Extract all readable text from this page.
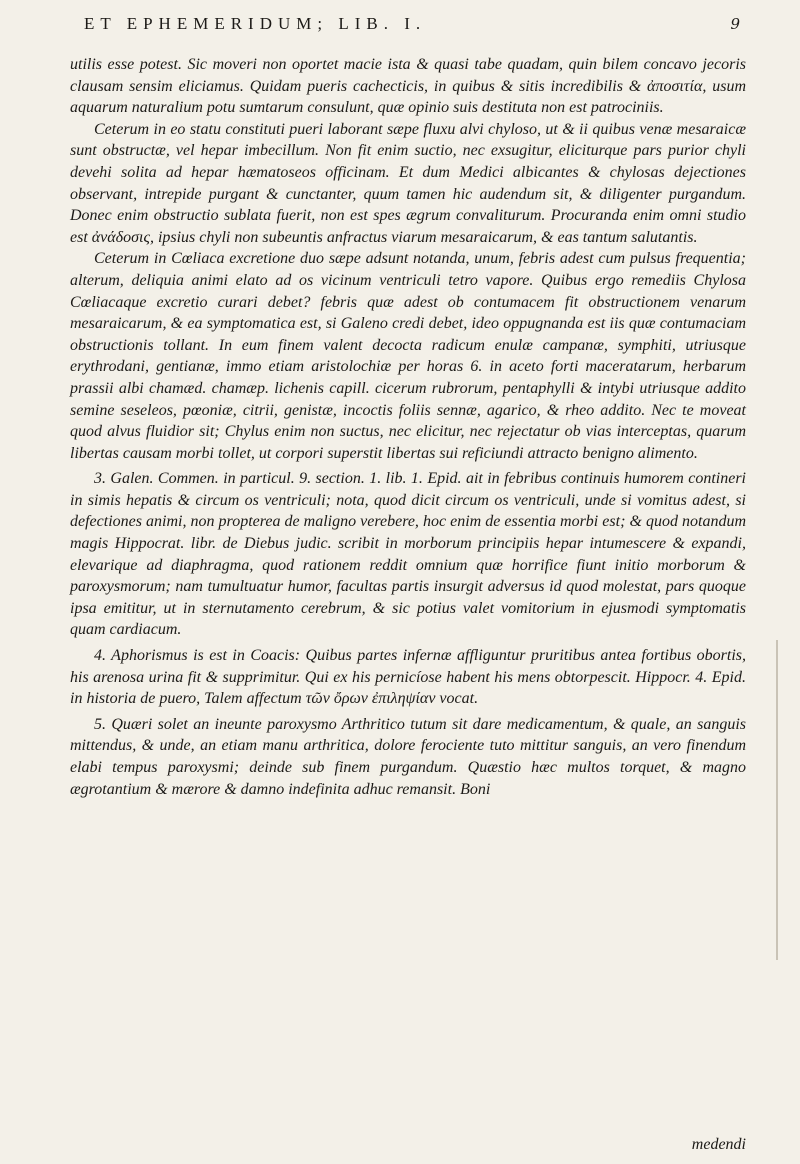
ET EPHEMERIDUM; LIB. I.	9

utilis esse potest. Sic moveri non oportet macie ista & quasi tabe quadam, quin bilem concavo jecoris clausam sensim eliciamus. Quidam pueris cachecticis, in quibus & sitis incredibilis & ἀποσιτία, usum aquarum naturalium potu sumtarum consulunt, quæ opinio suis destituta non est patrociniis.

Ceterum in eo statu constituti pueri laborant sæpe fluxu alvi chyloso, ut & ii quibus venæ mesaraicæ sunt obstructæ, vel hepar imbecillum. Non fit enim suctio, nec exsugitur, eliciturque pars purior chyli devehi solita ad hepar hæmatoseos officinam. Et dum Medici albicantes & chylosas dejectiones observant, intrepide purgant & cunctanter, quum tamen hic audendum sit, & diligenter purgandum. Donec enim obstructio sublata fuerit, non est spes ægrum convaliturum. Procuranda enim omni studio est ἀνάδοσις, ipsius chyli non subeuntis anfractus viarum mesaraicarum, & eas tantum salutantis.

Ceterum in Cœliaca excretione duo sæpe adsunt notanda, unum, febris adest cum pulsus frequentia; alterum, deliquia animi elato ad os vicinum ventriculi tetro vapore. Quibus ergo remediis Chylosa Cœliacaque excretio curari debet? febris quæ adest ob contumacem fit obstructionem venarum mesaraicarum, & ea symptomatica est, si Galeno credi debet, ideo oppugnanda est iis quæ contumaciam obstructionis tollant. In eum finem valent decocta radicum enulæ campanæ, symphiti, utriusque erythrodani, gentianæ, immo etiam aristolochiæ per horas 6. in aceto forti maceratarum, herbarum prassii albi chamæd. chamæp. lichenis capill. cicerum rubrorum, pentaphylli & intybi utriusque addito semine seseleos, pœoniæ, citrii, genistæ, incoctis foliis sennæ, agarico, & rheo addito. Nec te moveat quod alvus fluidior sit; Chylus enim non suctus, nec elicitur, nec rejectatur ob vias interceptas, quarum libertas causam morbi tollet, ut corpori superstit libertas sui reficiundi attracto benigno alimento.

3. Galen. Commen. in particul. 9. section. 1. lib. 1. Epid. ait in febribus continuis humorem contineri in simis hepatis & circum os ventriculi; nota, quod dicit circum os ventriculi, unde si vomitus adest, si defectiones animi, non propterea de maligno verebere, hoc enim de essentia morbi est; & quod notandum magis Hippocrat. libr. de Diebus judic. scribit in morborum principiis hepar intumescere & expandi, elevarique ad diaphragma, quod rationem reddit omnium quæ horrifice fiunt initio morborum & paroxysmorum; nam tumultuatur humor, facultas partis insurgit adversus id quod molestat, pars quoque ipsa emititur, ut in sternutamento cerebrum, & sic potius valet vomitorium in ejusmodi symptomatis quam cardiacum.

4. Aphorismus is est in Coacis: Quibus partes infernæ affliguntur pruritibus antea fortibus obortis, his arenosa urina fit & supprimitur. Qui ex his pernicíose habent his mens obtorpescit. Hippocr. 4. Epid. in historia de puero, Talem affectum τῶν ὄρων ἐπιληψίαν vocat.

5. Quæri solet an ineunte paroxysmo Arthritico tutum sit dare medicamentum, & quale, an sanguis mittendus, & unde, an etiam manu arthritica, dolore ferociente tuto mittitur sanguis, an vero finendum elabi tempus paroxysmi; deinde sub finem purgandum. Quæstio hæc multos torquet, & magno ægrotantium & mærore & damno indefinita adhuc remansit. Boni

medendi
